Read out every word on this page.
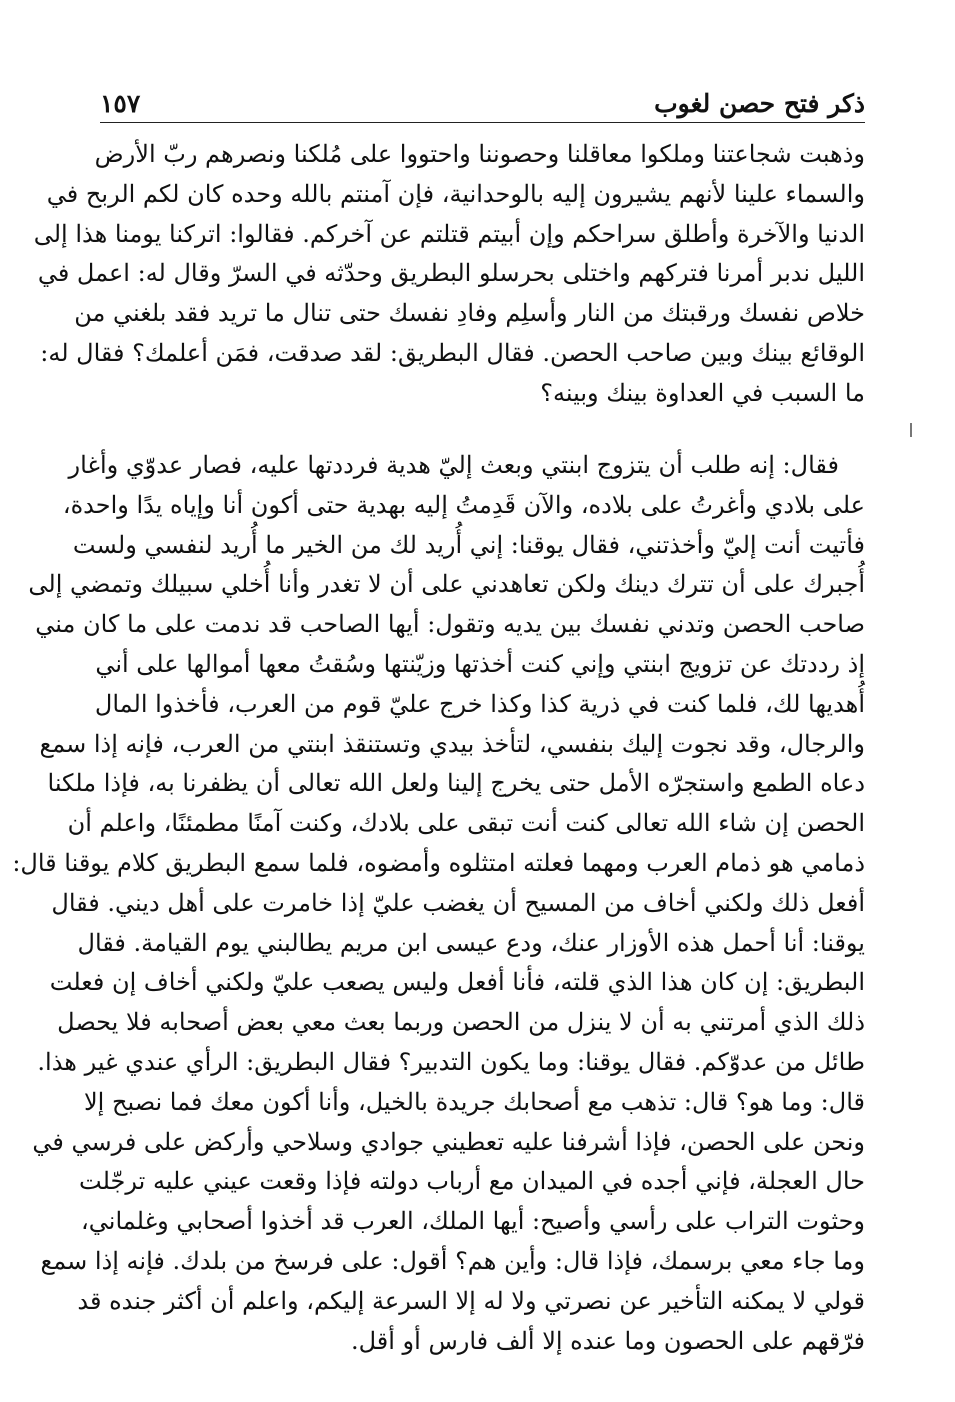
ذكر فتح حصن لغوب
١٥٧
وذهبت شجاعتنا وملكوا معاقلنا وحصوننا واحتووا على مُلكنا ونصرهم ربّ الأرض
والسماء علينا لأنهم يشيرون إليه بالوحدانية، فإن آمنتم بالله وحده كان لكم الربح في
الدنيا والآخرة وأطلق سراحكم وإن أبيتم قتلتم عن آخركم. فقالوا: اتركنا يومنا هذا إلى
الليل ندبر أمرنا فتركهم واختلى بحرسلو البطريق وحدّثه في السرّ وقال له: اعمل في
خلاص نفسك ورقبتك من النار وأسلِم وفادِ نفسك حتى تنال ما تريد فقد بلغني من
الوقائع بينك وبين صاحب الحصن. فقال البطريق: لقد صدقت، فمَن أعلمك؟ فقال له:
ما السبب في العداوة بينك وبينه؟
فقال: إنه طلب أن يتزوج ابنتي وبعث إليّ هدية فرددتها عليه، فصار عدوّي وأغار
على بلادي وأغرتُ على بلاده، والآن قَدِمتُ إليه بهدية حتى أكون أنا وإياه يدًا واحدة،
فأتيت أنت إليّ وأخذتني، فقال يوقنا: إني أُريد لك من الخير ما أُريد لنفسي ولست
أُجبرك على أن تترك دينك ولكن تعاهدني على أن لا تغدر وأنا أُخلي سبيلك وتمضي إلى
صاحب الحصن وتدني نفسك بين يديه وتقول: أيها الصاحب قد ندمت على ما كان مني
إذ رددتك عن تزويج ابنتي وإني كنت أخذتها وزيّنتها وسُقتُ معها أموالها على أني
أُهديها لك، فلما كنت في ذرية كذا وكذا خرج عليّ قوم من العرب، فأخذوا المال
والرجال، وقد نجوت إليك بنفسي، لتأخذ بيدي وتستنقذ ابنتي من العرب، فإنه إذا سمع
دعاه الطمع واستجرّه الأمل حتى يخرج إلينا ولعل الله تعالى أن يظفرنا به، فإذا ملكنا
الحصن إن شاء الله تعالى كنت أنت تبقى على بلادك، وكنت آمنًا مطمئنًا، واعلم أن
ذمامي هو ذمام العرب ومهما فعلته امتثلوه وأمضوه، فلما سمع البطريق كلام يوقنا قال:
أفعل ذلك ولكني أخاف من المسيح أن يغضب عليّ إذا خامرت على أهل ديني. فقال
يوقنا: أنا أحمل هذه الأوزار عنك، ودع عيسى ابن مريم يطالبني يوم القيامة. فقال
البطريق: إن كان هذا الذي قلته، فأنا أفعل وليس يصعب عليّ ولكني أخاف إن فعلت
ذلك الذي أمرتني به أن لا ينزل من الحصن وربما بعث معي بعض أصحابه فلا يحصل
طائل من عدوّكم. فقال يوقنا: وما يكون التدبير؟ فقال البطريق: الرأي عندي غير هذا.
قال: وما هو؟ قال: تذهب مع أصحابك جريدة بالخيل، وأنا أكون معك فما نصبح إلا
ونحن على الحصن، فإذا أشرفنا عليه تعطيني جوادي وسلاحي وأركض على فرسي في
حال العجلة، فإني أجده في الميدان مع أرباب دولته فإذا وقعت عيني عليه ترجّلت
وحثوت التراب على رأسي وأصيح: أيها الملك، العرب قد أخذوا أصحابي وغلماني،
وما جاء معي برسمك، فإذا قال: وأين هم؟ أقول: على فرسخ من بلدك. فإنه إذا سمع
قولي لا يمكنه التأخير عن نصرتي ولا له إلا السرعة إليكم، واعلم أن أكثر جنده قد
فرّقهم على الحصون وما عنده إلا ألف فارس أو أقل.
